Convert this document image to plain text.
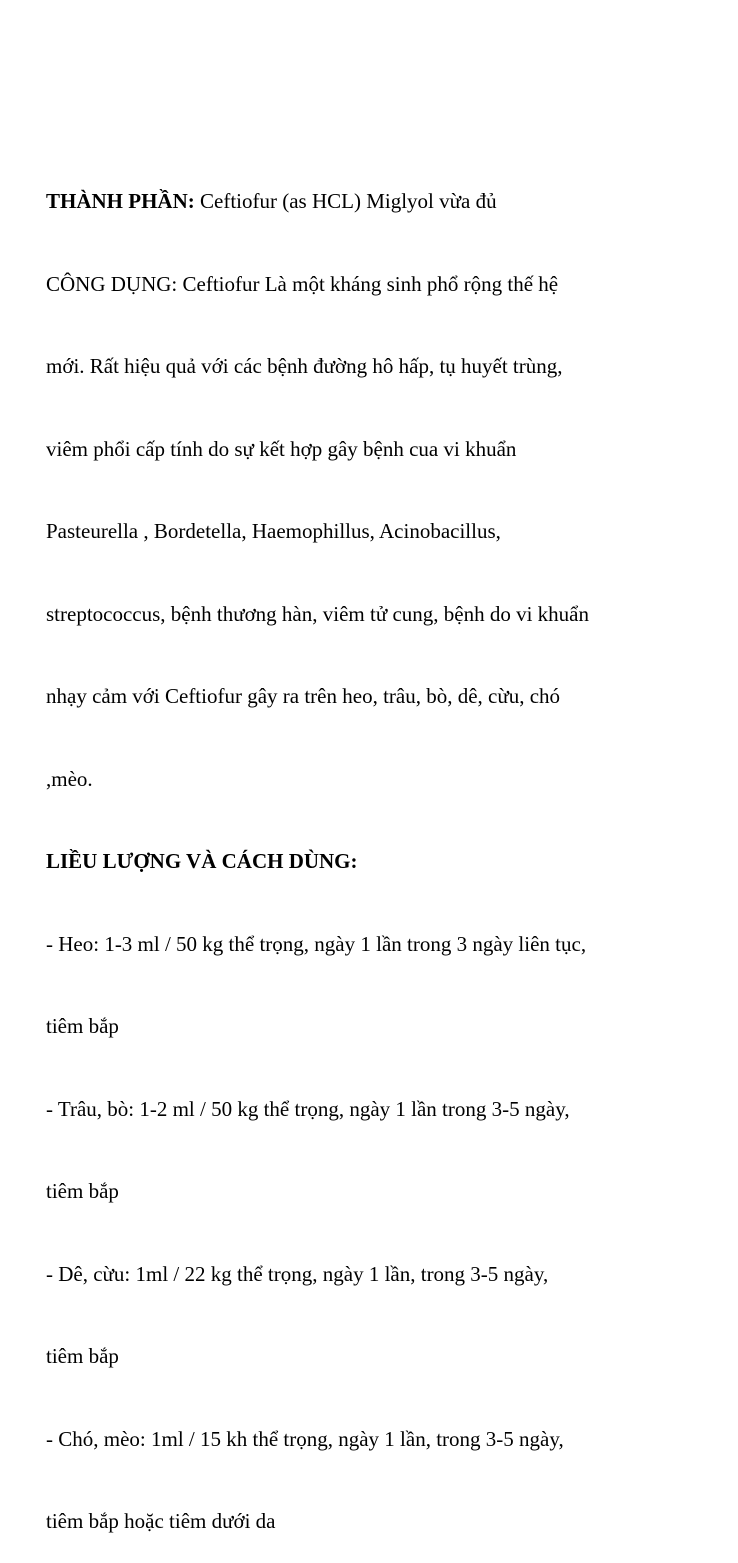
THÀNH PHẦN: Ceftiofur (as HCL) Miglyol vừa đủ

CÔNG DỤNG: Ceftiofur Là một kháng sinh phổ rộng thế hệ

mới. Rất hiệu quả với các bệnh đường hô hấp, tụ huyết trùng,

viêm phổi cấp tính do sự kết hợp gây bệnh cua vi khuẩn

Pasteurella , Bordetella, Haemophillus, Acinobacillus,

streptococcus, bệnh thương hàn, viêm tử cung, bệnh do vi khuẩn

nhạy cảm với Ceftiofur gây ra trên heo, trâu, bò, dê, cừu, chó

,mèo.

LIỀU LƯỢNG VÀ CÁCH DÙNG:

- Heo: 1-3 ml / 50 kg thể trọng, ngày 1 lần trong 3 ngày liên tục,

tiêm bắp

- Trâu, bò: 1-2 ml / 50 kg thể trọng, ngày 1 lần trong 3-5 ngày,

tiêm bắp

- Dê, cừu: 1ml / 22 kg thể trọng, ngày 1 lần, trong 3-5 ngày,

tiêm bắp

- Chó, mèo: 1ml / 15 kh thể trọng, ngày 1 lần, trong 3-5 ngày,

tiêm bắp hoặc tiêm dưới da
